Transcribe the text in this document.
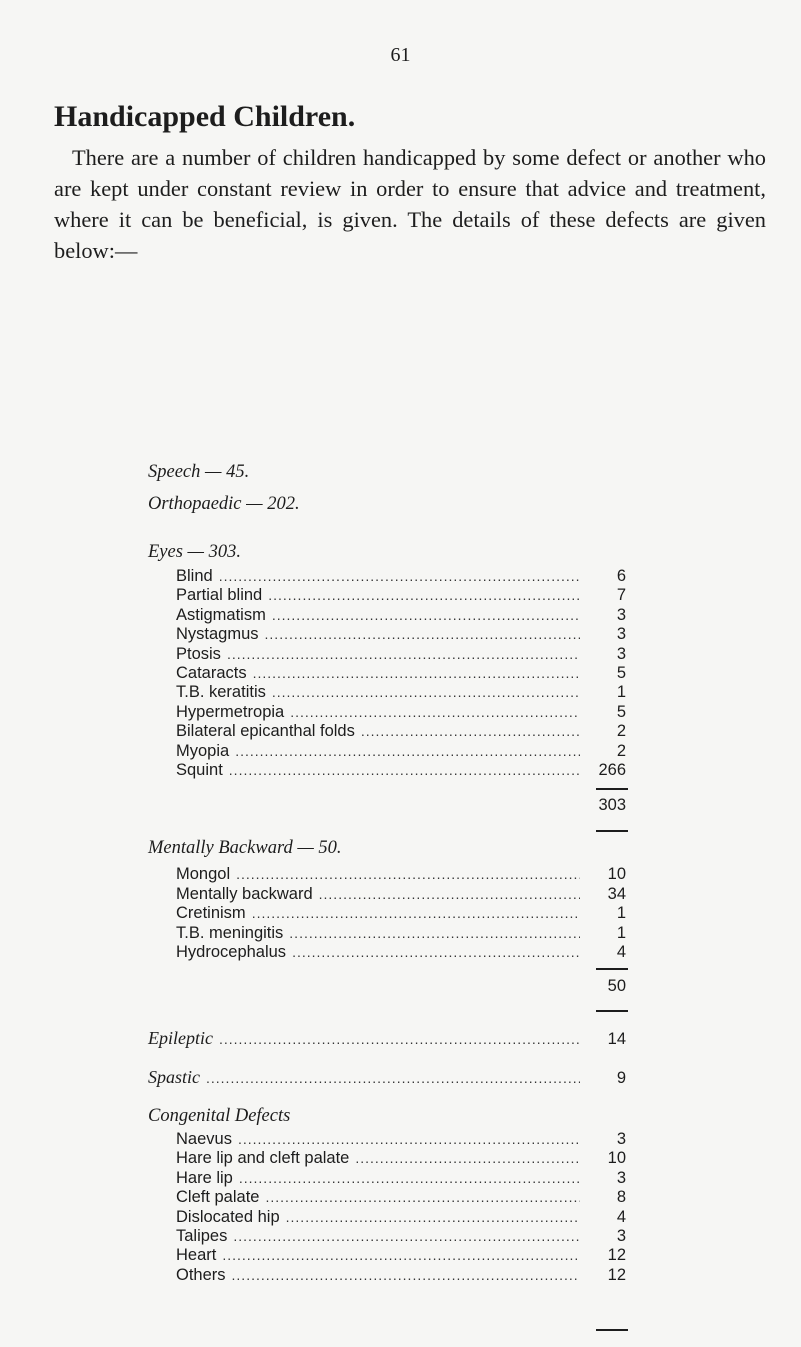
61
Handicapped Children.
There are a number of children handicapped by some defect or another who are kept under constant review in order to ensure that advice and treatment, where it can be beneficial, is given. The details of these defects are given below:—
Speech — 45.
Orthopaedic — 202.
Eyes — 303.
Blind .....	6
Partial blind .....	7
Astigmatism .....	3
Nystagmus .....	3
Ptosis .....	3
Cataracts .....	5
T.B. keratitis .....	1
Hypermetropia .....	5
Bilateral epicanthal folds .....	2
Myopia .....	2
Squint .....	266
303
Mentally Backward — 50.
Mongol .....	10
Mentally backward .....	34
Cretinism .....	1
T.B. meningitis .....	1
Hydrocephalus .....	4
50
Epileptic .....	14
Spastic .....	9
Congenital Defects
Naevus .....	3
Hare lip and cleft palate .....	10
Hare lip .....	3
Cleft palate .....	8
Dislocated hip .....	4
Talipes .....	3
Heart .....	12
Others .....	12
